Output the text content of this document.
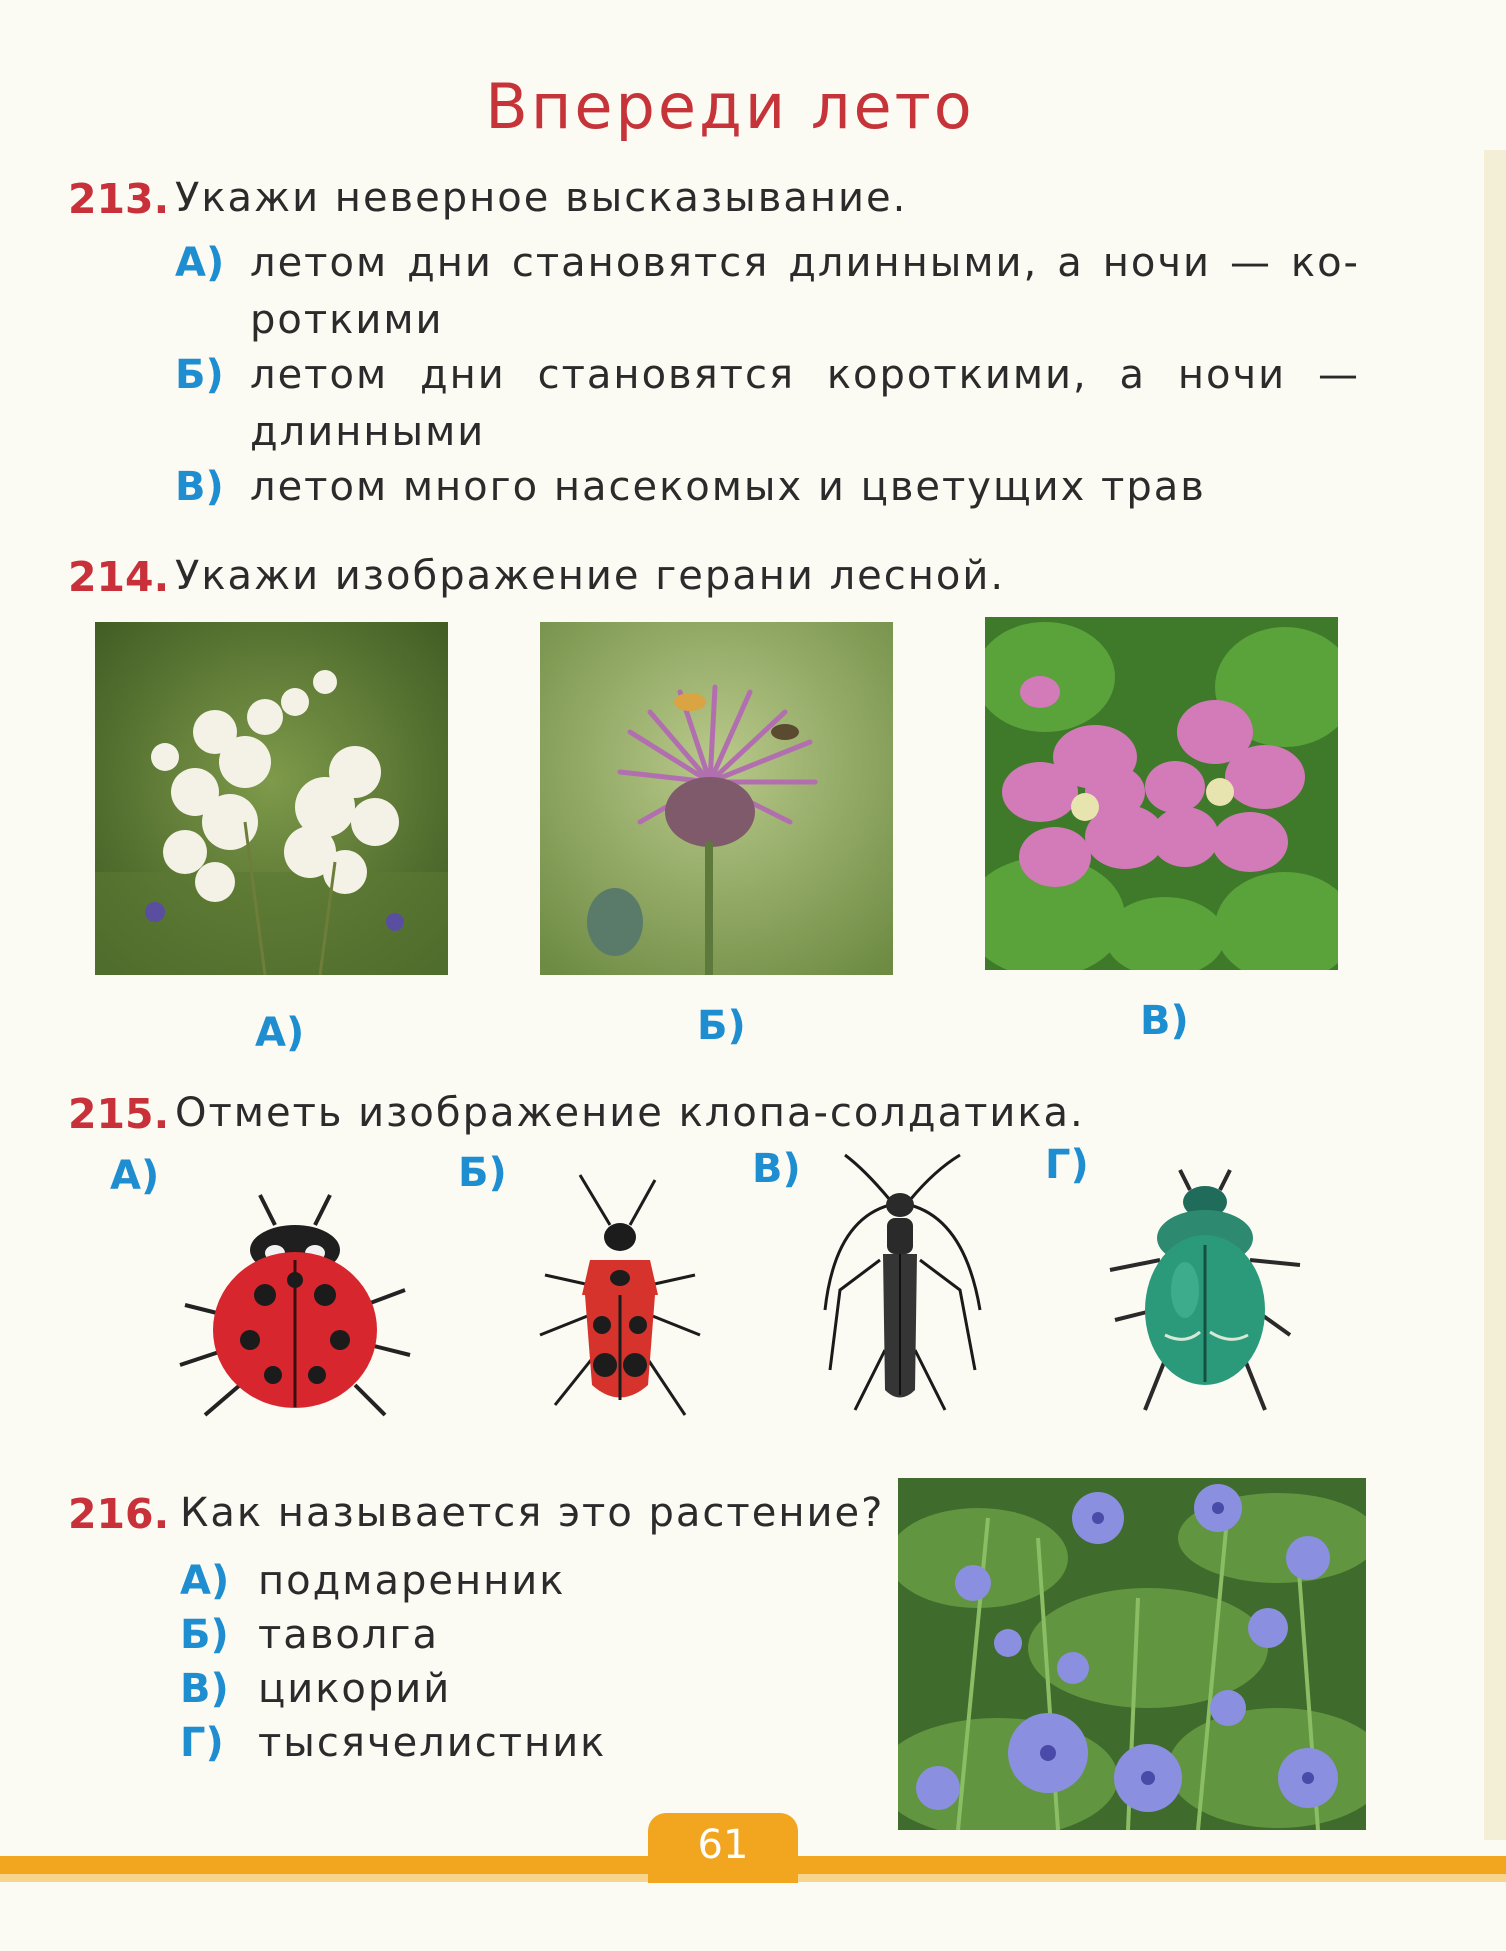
Впереди лето
213. Укажи неверное высказывание.
А) летом дни становятся длинными, а ночи — ко-
роткими
Б) летом дни становятся короткими, а ночи —
длинными
В) летом много насекомых и цветущих трав
214. Укажи изображение герани лесной.
А)	Б)	В)
215. Отметь изображение клопа-солдатика.
А)	Б)	В)	Г)
216. Как называется это растение?
А) подмаренник
Б) таволга
В) цикорий
Г) тысячелистник
61
